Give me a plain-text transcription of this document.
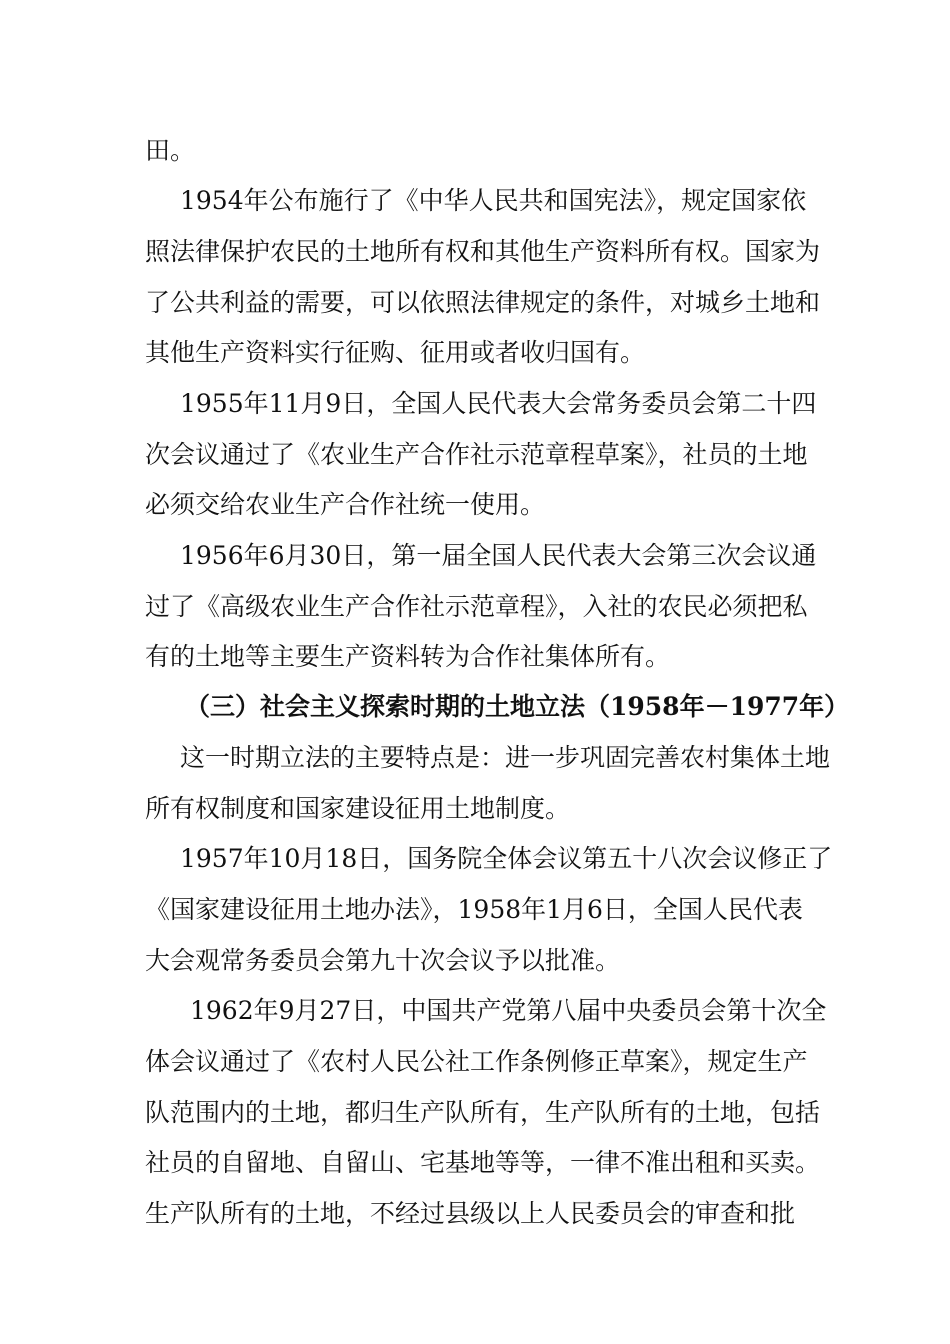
田。
1954年公布施行了《中华人民共和国宪法》，规定国家依
照法律保护农民的土地所有权和其他生产资料所有权。国家为
了公共利益的需要，可以依照法律规定的条件，对城乡土地和
其他生产资料实行征购、征用或者收归国有。
1955年11月9日，全国人民代表大会常务委员会第二十四
次会议通过了《农业生产合作社示范章程草案》，社员的土地
必须交给农业生产合作社统一使用。
1956年6月30日，第一届全国人民代表大会第三次会议通
过了《高级农业生产合作社示范章程》，入社的农民必须把私
有的土地等主要生产资料转为合作社集体所有。
（三）社会主义探索时期的土地立法（1958年－1977年）
这一时期立法的主要特点是：进一步巩固完善农村集体土地
所有权制度和国家建设征用土地制度。
1957年10月18日，国务院全体会议第五十八次会议修正了
《国家建设征用土地办法》，1958年1月6日，全国人民代表
大会观常务委员会第九十次会议予以批准。
1962年9月27日，中国共产党第八届中央委员会第十次全
体会议通过了《农村人民公社工作条例修正草案》，规定生产
队范围内的土地，都归生产队所有，生产队所有的土地，包括
社员的自留地、自留山、宅基地等等，一律不准出租和买卖。
生产队所有的土地，不经过县级以上人民委员会的审查和批
